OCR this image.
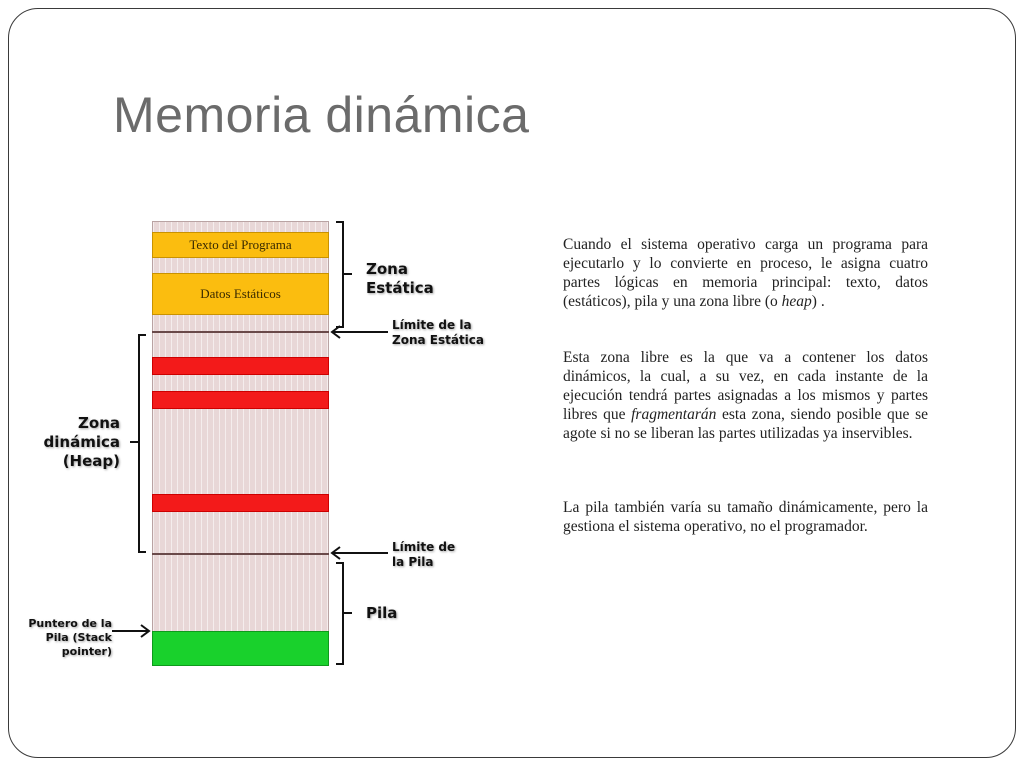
Memoria dinámica
Texto del Programa
Datos Estáticos
Zona
Estática
Límite de la
Zona Estática
Zona
dinámica
(Heap)
Límite de
la Pila
Pila
Puntero de la
Pila (Stack
pointer)

Cuando el sistema operativo carga un programa para ejecutarlo y lo convierte en proceso, le asigna cuatro partes lógicas en memoria principal: texto, datos (estáticos), pila y una zona libre (o heap) .

Esta zona libre es la que va a contener los datos dinámicos, la cual, a su vez, en cada instante de la ejecución tendrá partes asignadas a los mismos y partes libres que fragmentarán esta zona, siendo posible que se agote si no se liberan las partes utilizadas ya inservibles.

La pila también varía su tamaño dinámicamente, pero la gestiona el sistema operativo, no el programador.
